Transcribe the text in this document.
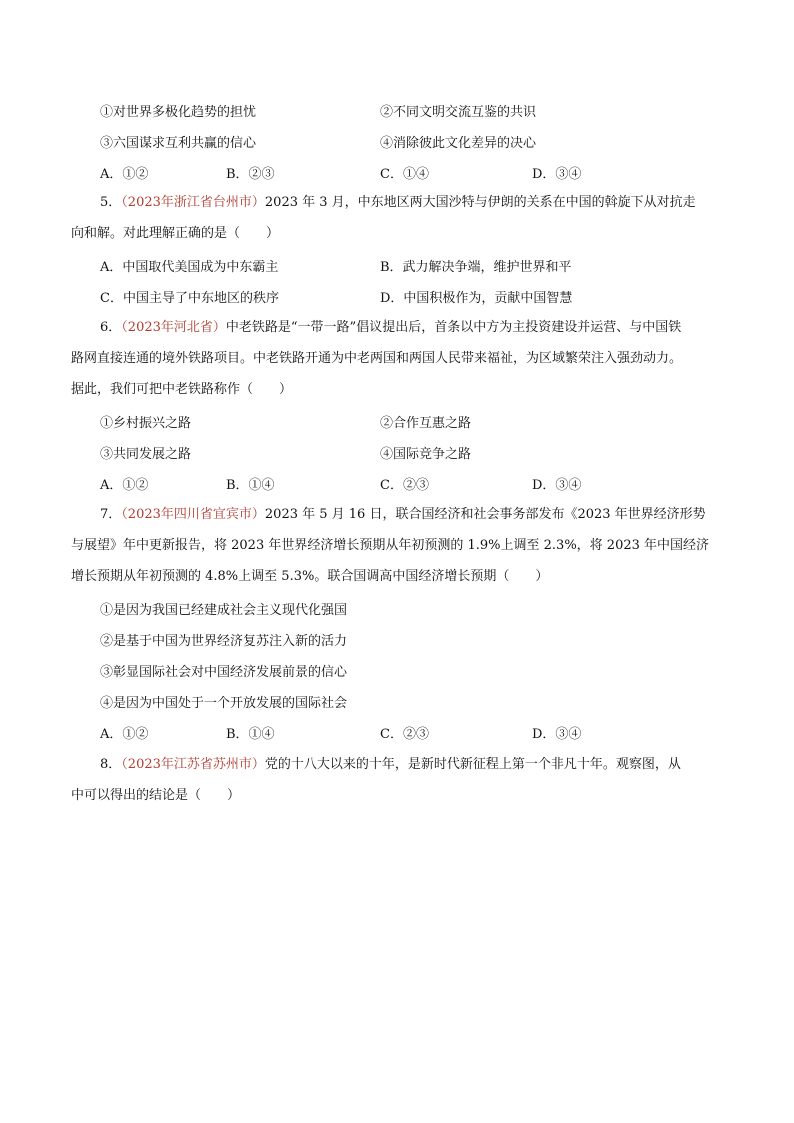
①对世界多极化趋势的担忧	②不同文明交流互鉴的共识
③六国谋求互利共赢的信心	④消除彼此文化差异的决心
A．①②	B．②③	C．①④	D．③④
5．（2023年浙江省台州市）2023 年 3 月，中东地区两大国沙特与伊朗的关系在中国的斡旋下从对抗走
向和解。对此理解正确的是（　　）
A．中国取代美国成为中东霸主	B．武力解决争端，维护世界和平
C．中国主导了中东地区的秩序	D．中国积极作为，贡献中国智慧
6．（2023年河北省）中老铁路是“一带一路”倡议提出后，首条以中方为主投资建设并运营、与中国铁
路网直接连通的境外铁路项目。中老铁路开通为中老两国和两国人民带来福祉，为区域繁荣注入强劲动力。
据此，我们可把中老铁路称作（　　）
①乡村振兴之路	②合作互惠之路
③共同发展之路	④国际竞争之路
A．①②	B．①④	C．②③	D．③④
7．（2023年四川省宜宾市）2023 年 5 月 16 日，联合国经济和社会事务部发布《2023 年世界经济形势
与展望》年中更新报告，将 2023 年世界经济增长预期从年初预测的 1.9%上调至 2.3%，将 2023 年中国经济
增长预期从年初预测的 4.8%上调至 5.3%。联合国调高中国经济增长预期（　　）
①是因为我国已经建成社会主义现代化强国
②是基于中国为世界经济复苏注入新的活力
③彰显国际社会对中国经济发展前景的信心
④是因为中国处于一个开放发展的国际社会
A．①②	B．①④	C．②③	D．③④
8．（2023年江苏省苏州市）党的十八大以来的十年，是新时代新征程上第一个非凡十年。观察图，从
中可以得出的结论是（　　）
